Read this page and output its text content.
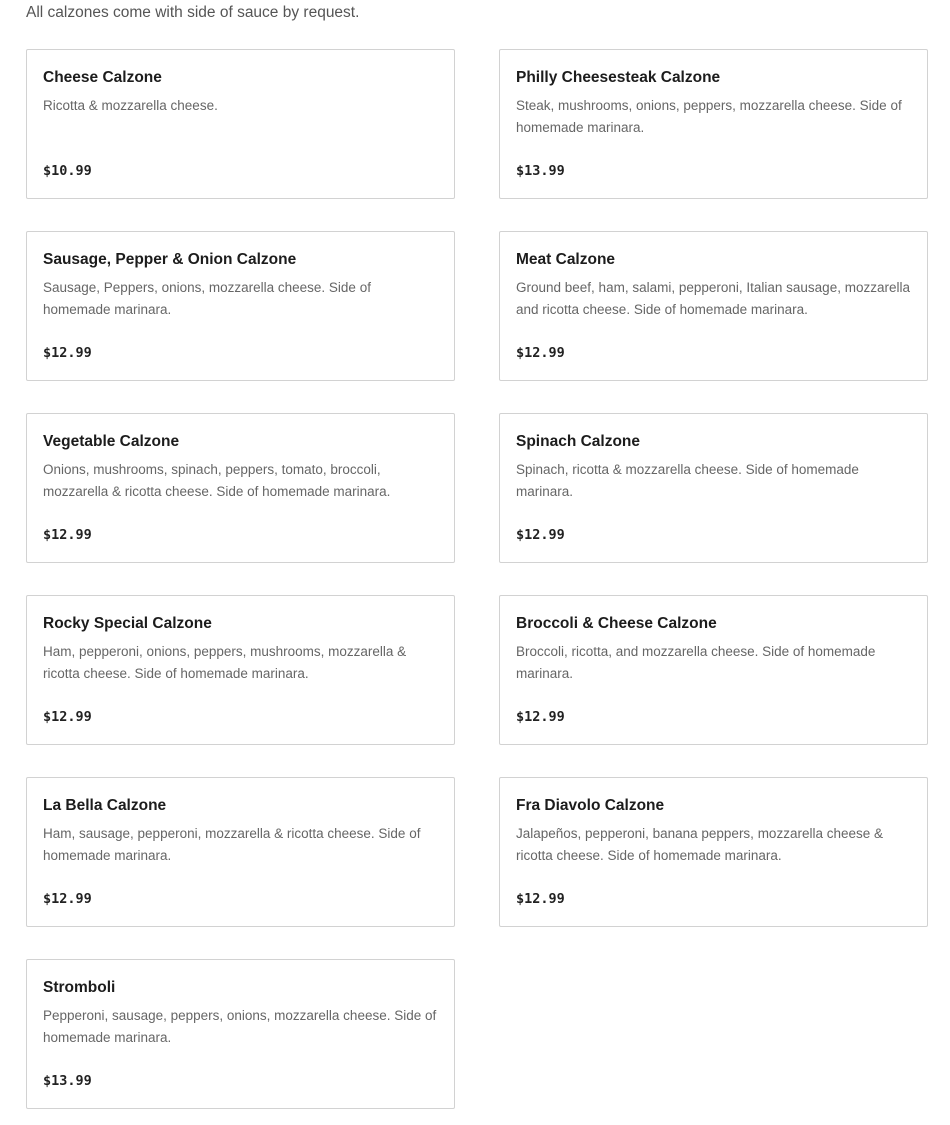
All calzones come with side of sauce by request.

Cheese Calzone

Ricotta & mozzarella cheese.

$10.99

Philly Cheesesteak Calzone

Steak, mushrooms, onions, peppers, mozzarella cheese. Side of homemade marinara.

$13.99

Sausage, Pepper & Onion Calzone

Sausage, Peppers, onions, mozzarella cheese. Side of homemade marinara.

$12.99

Meat Calzone

Ground beef, ham, salami, pepperoni, Italian sausage, mozzarella and ricotta cheese. Side of homemade marinara.

$12.99

Vegetable Calzone

Onions, mushrooms, spinach, peppers, tomato, broccoli, mozzarella & ricotta cheese. Side of homemade marinara.

$12.99

Spinach Calzone

Spinach, ricotta & mozzarella cheese. Side of homemade marinara.

$12.99

Rocky Special Calzone

Ham, pepperoni, onions, peppers, mushrooms, mozzarella & ricotta cheese. Side of homemade marinara.

$12.99

Broccoli & Cheese Calzone

Broccoli, ricotta, and mozzarella cheese. Side of homemade marinara.

$12.99

La Bella Calzone

Ham, sausage, pepperoni, mozzarella & ricotta cheese. Side of homemade marinara.

$12.99

Fra Diavolo Calzone

Jalapeños, pepperoni, banana peppers, mozzarella cheese & ricotta cheese. Side of homemade marinara.

$12.99

Stromboli

Pepperoni, sausage, peppers, onions, mozzarella cheese. Side of homemade marinara.

$13.99
